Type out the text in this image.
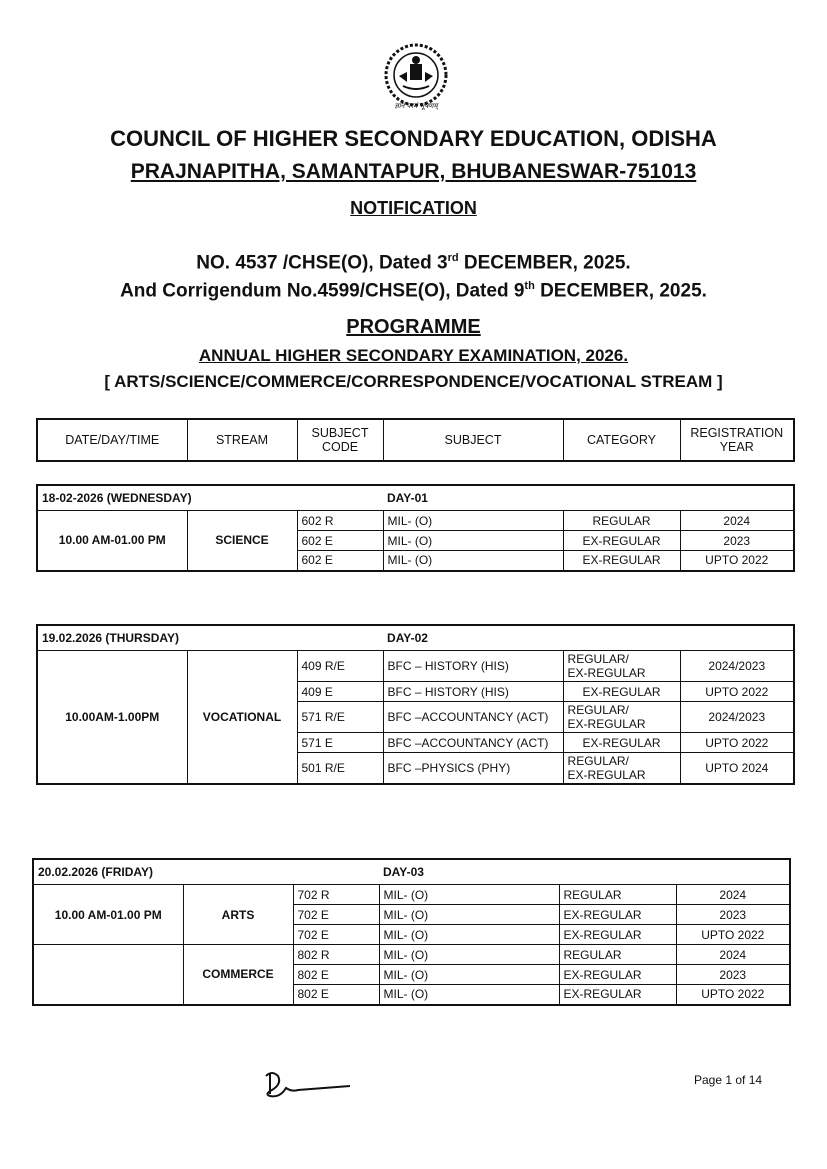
ज्ञानं परमं भूषणम्
COUNCIL OF HIGHER SECONDARY EDUCATION, ODISHA
PRAJNAPITHA, SAMANTAPUR, BHUBANESWAR-751013
NOTIFICATION
NO. 4537 /CHSE(O), Dated 3rd DECEMBER, 2025.
And Corrigendum No.4599/CHSE(O), Dated 9th DECEMBER, 2025.
PROGRAMME
ANNUAL HIGHER SECONDARY EXAMINATION, 2026.
[ ARTS/SCIENCE/COMMERCE/CORRESPONDENCE/VOCATIONAL STREAM ]
DATE/DAY/TIME	STREAM	SUBJECT CODE	SUBJECT	CATEGORY	REGISTRATION YEAR
18-02-2026 (WEDNESDAY)			DAY-01		
10.00 AM-01.00 PM	SCIENCE	602 R	MIL- (O)	REGULAR	2024
		602 E	MIL- (O)	EX-REGULAR	2023
		602 E	MIL- (O)	EX-REGULAR	UPTO 2022
19.02.2026 (THURSDAY)			DAY-02		
10.00AM-1.00PM	VOCATIONAL	409 R/E	BFC – HISTORY (HIS)	REGULAR/
EX-REGULAR	2024/2023
		409 E	BFC – HISTORY (HIS)	EX-REGULAR	UPTO 2022
		571 R/E	BFC –ACCOUNTANCY (ACT)	REGULAR/
EX-REGULAR	2024/2023
		571 E	BFC –ACCOUNTANCY (ACT)	EX-REGULAR	UPTO 2022
		501 R/E	BFC –PHYSICS (PHY)	REGULAR/
EX-REGULAR	UPTO 2024
20.02.2026 (FRIDAY)			DAY-03		
10.00 AM-01.00 PM	ARTS	702 R	MIL- (O)	REGULAR	2024
		702 E	MIL- (O)	EX-REGULAR	2023
		702 E	MIL- (O)	EX-REGULAR	UPTO 2022
	COMMERCE	802 R	MIL- (O)	REGULAR	2024
		802 E	MIL- (O)	EX-REGULAR	2023
		802 E	MIL- (O)	EX-REGULAR	UPTO 2022
Page 1 of 14
